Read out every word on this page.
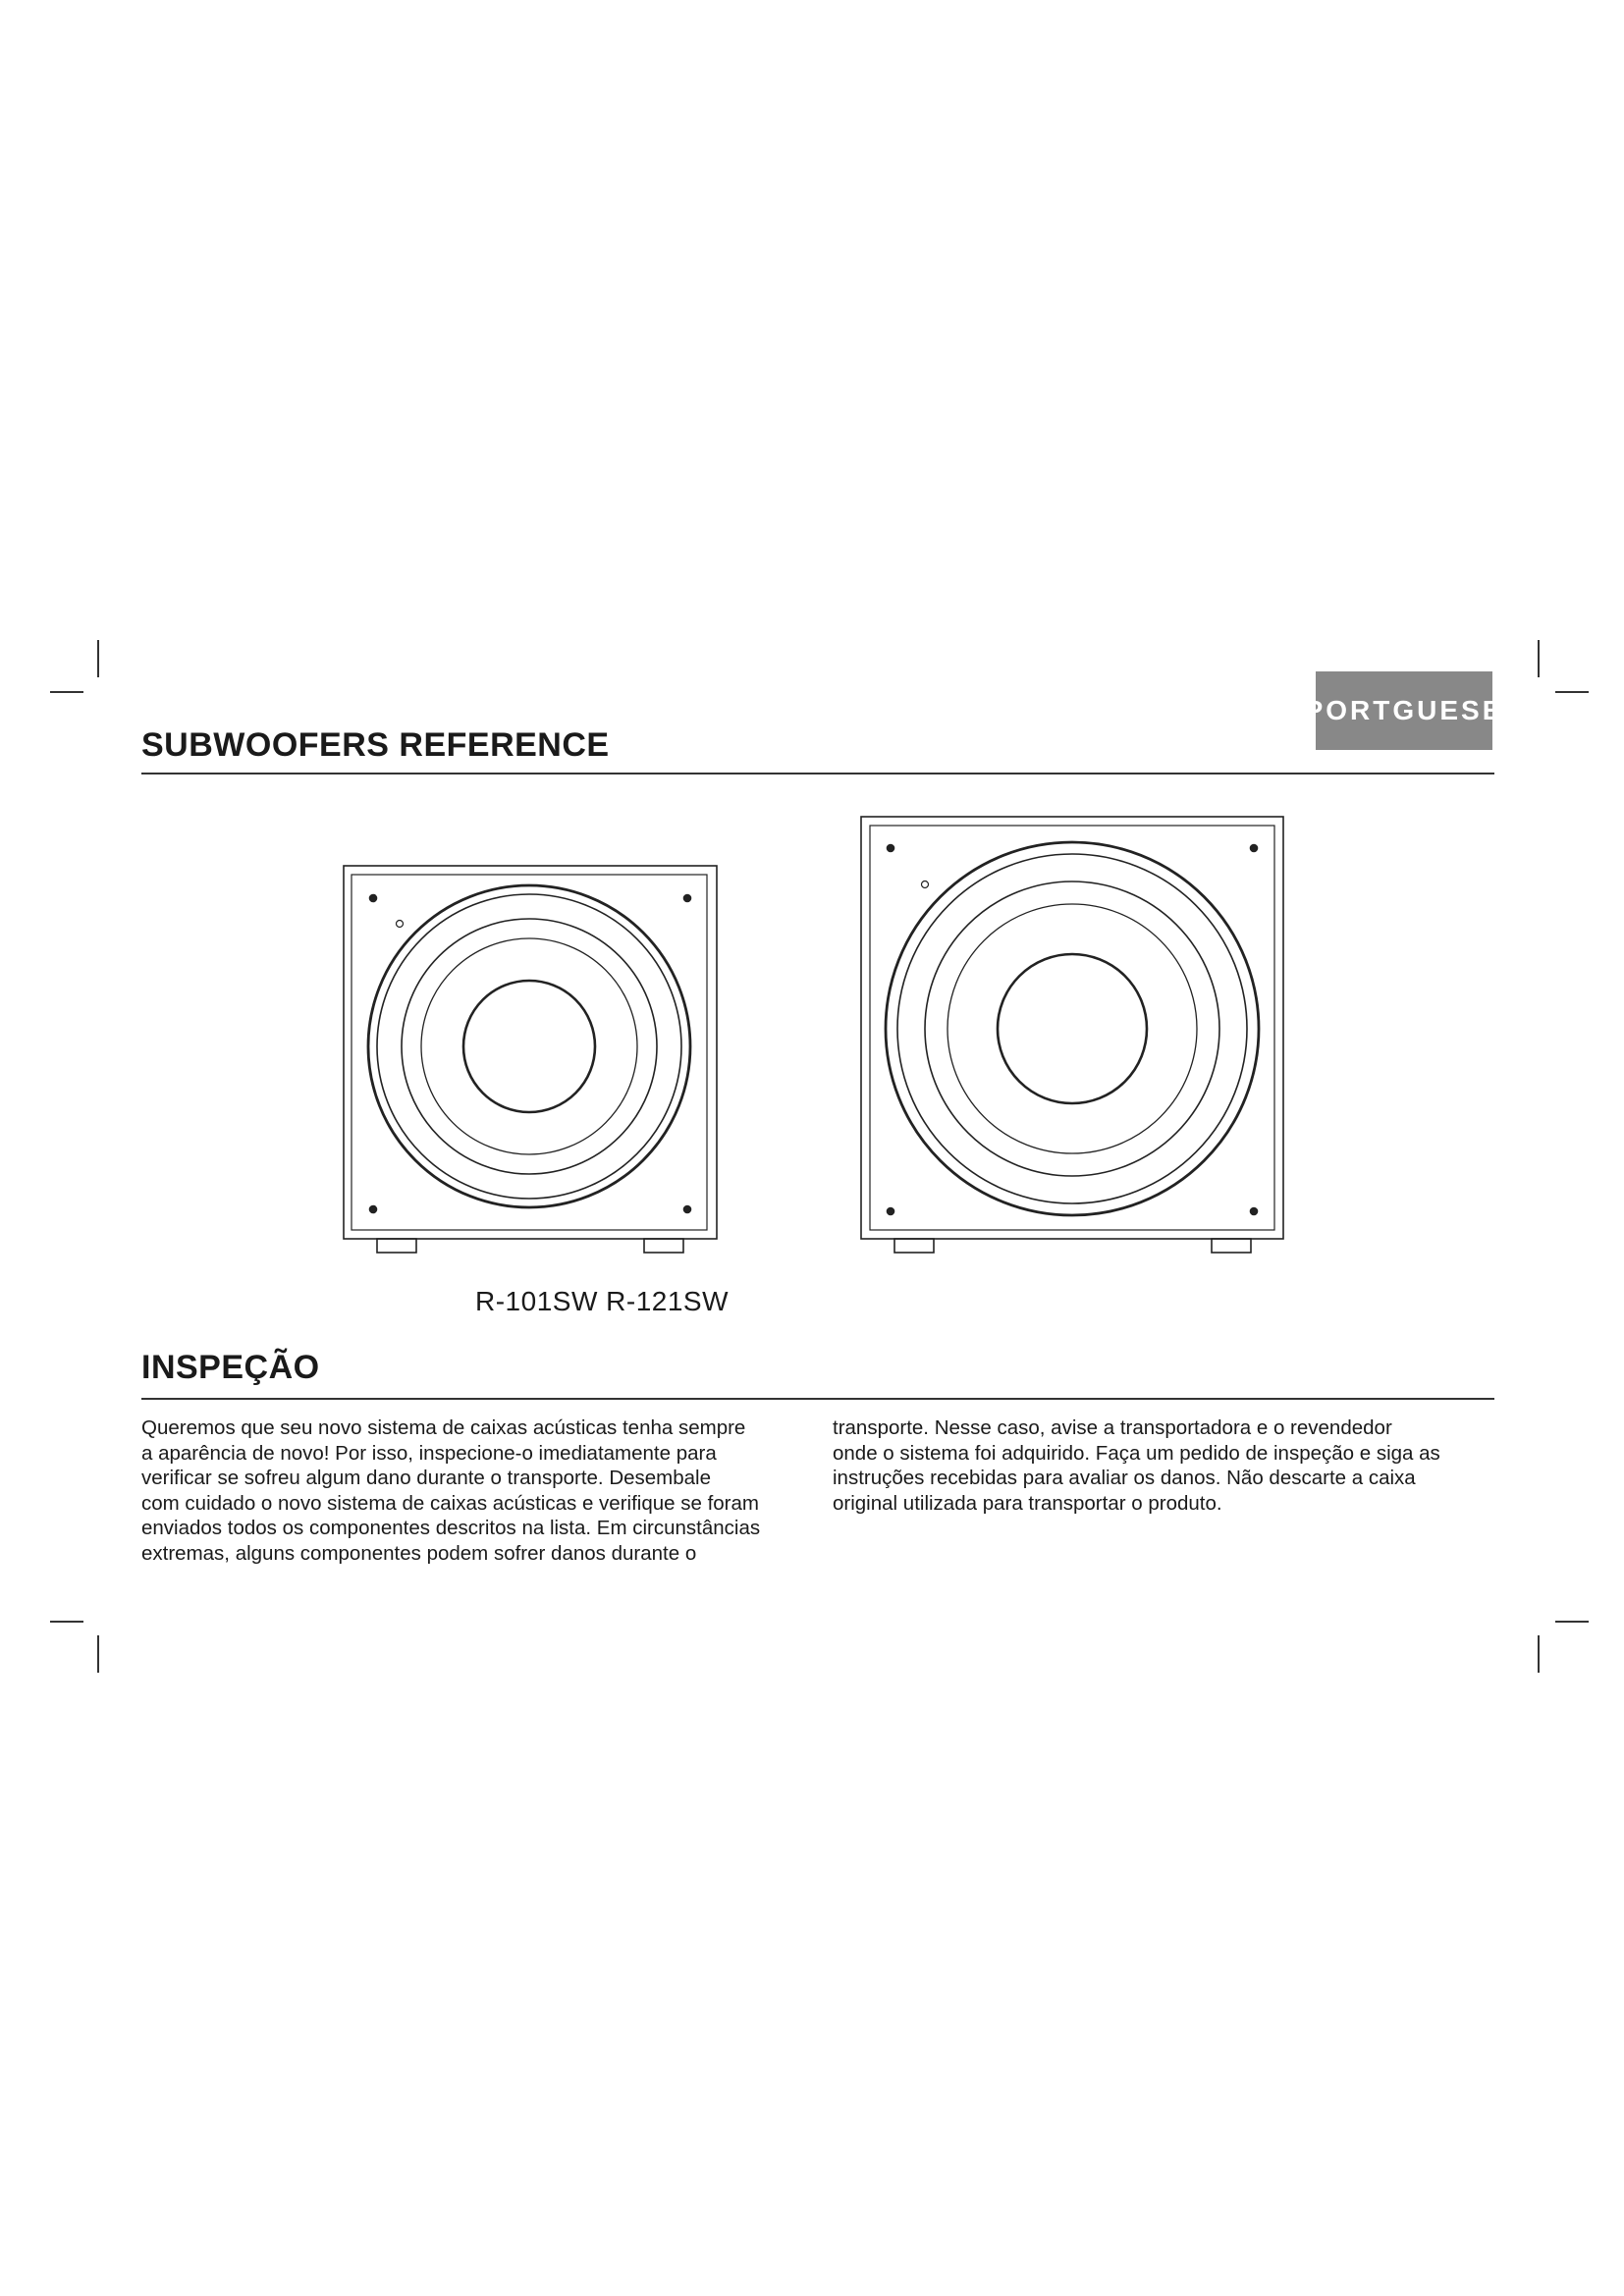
PORTGUESE
SUBWOOFERS REFERENCE
R-101SW R-121SW
INSPEÇÃO

Queremos que seu novo sistema de caixas acústicas tenha sempre
a aparência de novo! Por isso, inspecione-o imediatamente para
verificar se sofreu algum dano durante o transporte. Desembale
com cuidado o novo sistema de caixas acústicas e verifique se foram
enviados todos os componentes descritos na lista. Em circunstâncias
extremas, alguns componentes podem sofrer danos durante o

transporte. Nesse caso, avise a transportadora e o revendedor
onde o sistema foi adquirido. Faça um pedido de inspeção e siga as
instruções recebidas para avaliar os danos. Não descarte a caixa
original utilizada para transportar o produto.
